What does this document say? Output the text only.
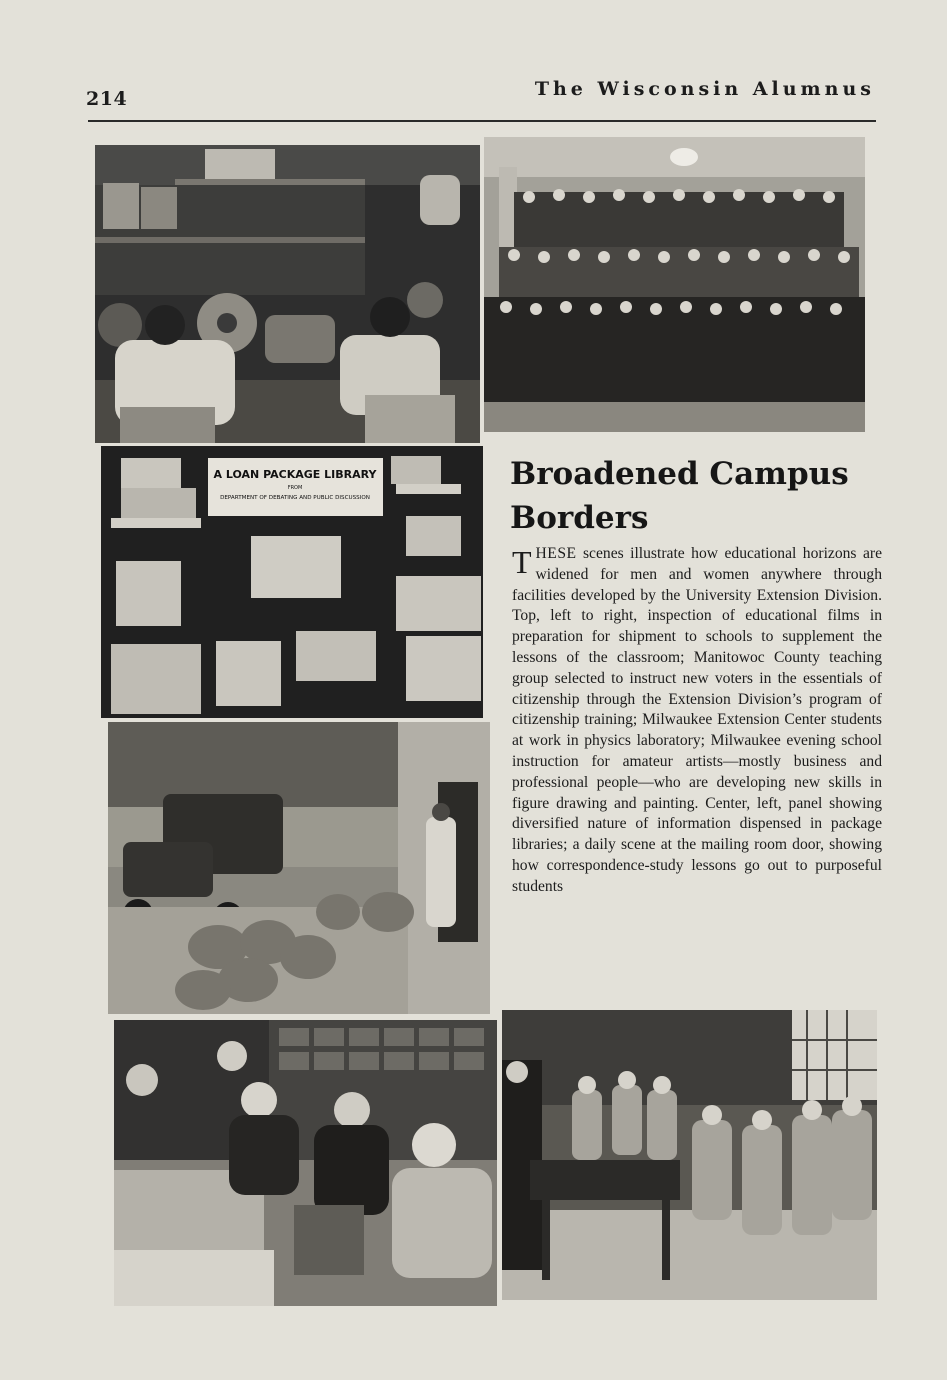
214	The Wisconsin Alumnus
A LOAN PACKAGE LIBRARY
FROM
DEPARTMENT OF DEBATING AND PUBLIC DISCUSSION
Broadened Campus Borders

THESE scenes illustrate how educational horizons are widened for men and women anywhere through facilities developed by the University Extension Division. Top, left to right, inspection of educational films in preparation for shipment to schools to supplement the lessons of the classroom; Manitowoc County teaching group selected to instruct new voters in the essentials of citizenship through the Extension Division’s program of citizenship training; Milwaukee Extension Center students at work in physics laboratory; Milwaukee evening school instruction for amateur artists—mostly business and professional people—who are developing new skills in figure drawing and painting. Center, left, panel showing diversified nature of information dispensed in package libraries; a daily scene at the mailing room door, showing how correspondence-study lessons go out to purposeful students
